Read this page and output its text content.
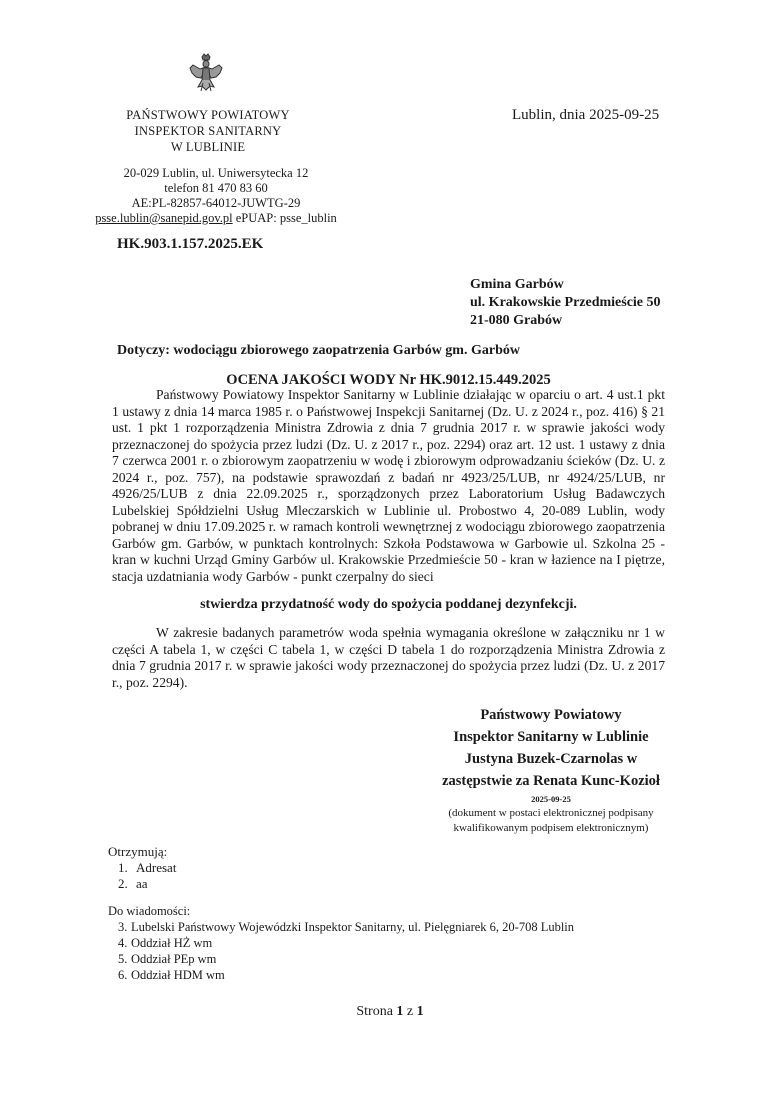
PAŃSTWOWY POWIATOWY
INSPEKTOR SANITARNY
W LUBLINIE
Lublin, dnia 2025-09-25
20-029 Lublin, ul. Uniwersytecka 12
telefon 81 470 83 60
AE:PL-82857-64012-JUWTG-29
psse.lublin@sanepid.gov.pl ePUAP: psse_lublin
HK.903.1.157.2025.EK
Gmina Garbów
ul. Krakowskie Przedmieście 50
21-080 Grabów
Dotyczy: wodociągu zbiorowego zaopatrzenia Garbów gm. Garbów
OCENA JAKOŚCI WODY Nr HK.9012.15.449.2025
Państwowy Powiatowy Inspektor Sanitarny w Lublinie działając w oparciu o art. 4 ust.1 pkt 1 ustawy z dnia 14 marca 1985 r. o Państwowej Inspekcji Sanitarnej (Dz. U. z 2024 r., poz. 416) § 21 ust. 1 pkt 1 rozporządzenia Ministra Zdrowia z dnia 7 grudnia 2017 r. w sprawie jakości wody przeznaczonej do spożycia przez ludzi (Dz. U. z 2017 r., poz. 2294) oraz art. 12 ust. 1 ustawy z dnia 7 czerwca 2001 r. o zbiorowym zaopatrzeniu w wodę i zbiorowym odprowadzaniu ścieków (Dz. U. z 2024 r., poz. 757), na podstawie sprawozdań z badań nr 4923/25/LUB, nr 4924/25/LUB, nr 4926/25/LUB z dnia 22.09.2025 r., sporządzonych przez Laboratorium Usług Badawczych Lubelskiej Spółdzielni Usług Mleczarskich w Lublinie ul. Probostwo 4, 20-089 Lublin, wody pobranej w dniu 17.09.2025 r. w ramach kontroli wewnętrznej z wodociągu zbiorowego zaopatrzenia Garbów gm. Garbów, w punktach kontrolnych: Szkoła Podstawowa w Garbowie ul. Szkolna 25 - kran w kuchni Urząd Gminy Garbów ul. Krakowskie Przedmieście 50 - kran w łazience na I piętrze, stacja uzdatniania wody Garbów - punkt czerpalny do sieci
stwierdza przydatność wody do spożycia poddanej dezynfekcji.
W zakresie badanych parametrów woda spełnia wymagania określone w załączniku nr 1 w części A tabela 1, w części C tabela 1, w części D tabela 1 do rozporządzenia Ministra Zdrowia z dnia 7 grudnia 2017 r. w sprawie jakości wody przeznaczonej do spożycia przez ludzi (Dz. U. z 2017 r., poz. 2294).
Państwowy Powiatowy
Inspektor Sanitarny w Lublinie
Justyna Buzek-Czarnolas w
zastępstwie za Renata Kunc-Kozioł
2025-09-25
(dokument w postaci elektronicznej podpisany
kwalifikowanym podpisem elektronicznym)
Otrzymują:
1. Adresat
2. aa
Do wiadomości:
3. Lubelski Państwowy Wojewódzki Inspektor Sanitarny, ul. Pielęgniarek 6, 20-708 Lublin
4. Oddział HŻ wm
5. Oddział PEp wm
6. Oddział HDM wm
Strona 1 z 1
